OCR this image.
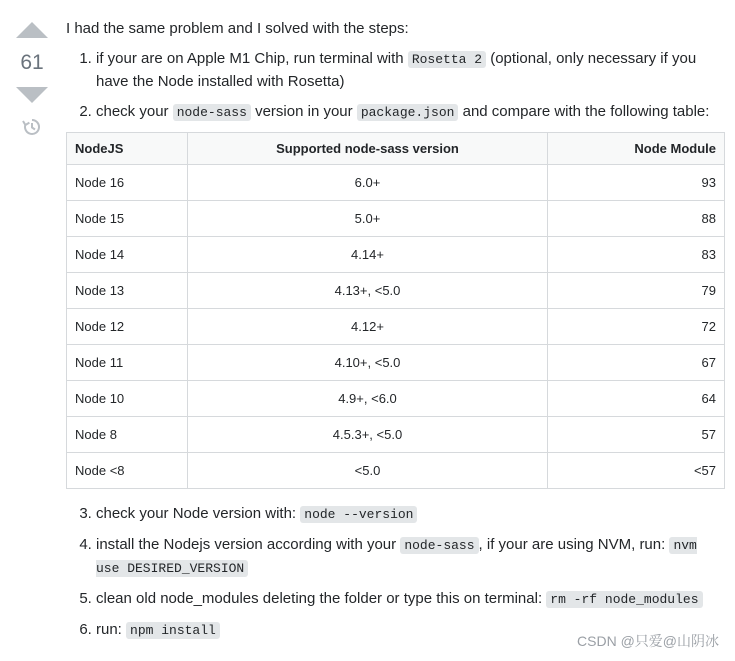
61

I had the same problem and I solved with the steps:

1. if your are on Apple M1 Chip, run terminal with Rosetta 2 (optional, only necessary if you have the Node installed with Rosetta)
2. check your node-sass version in your package.json and compare with the following table:
NodeJS	Supported node-sass version	Node Module
Node 16	6.0+	93
Node 15	5.0+	88
Node 14	4.14+	83
Node 13	4.13+, <5.0	79
Node 12	4.12+	72
Node 11	4.10+, <5.0	67
Node 10	4.9+, <6.0	64
Node 8	4.5.3+, <5.0	57
Node <8	<5.0	<57
3. check your Node version with: node --version
4. install the Nodejs version according with your node-sass , if your are using NVM, run: nvm use DESIRED_VERSION
5. clean old node_modules deleting the folder or type this on terminal: rm -rf node_modules
6. run: npm install
CSDN @只爱@山阴冰
